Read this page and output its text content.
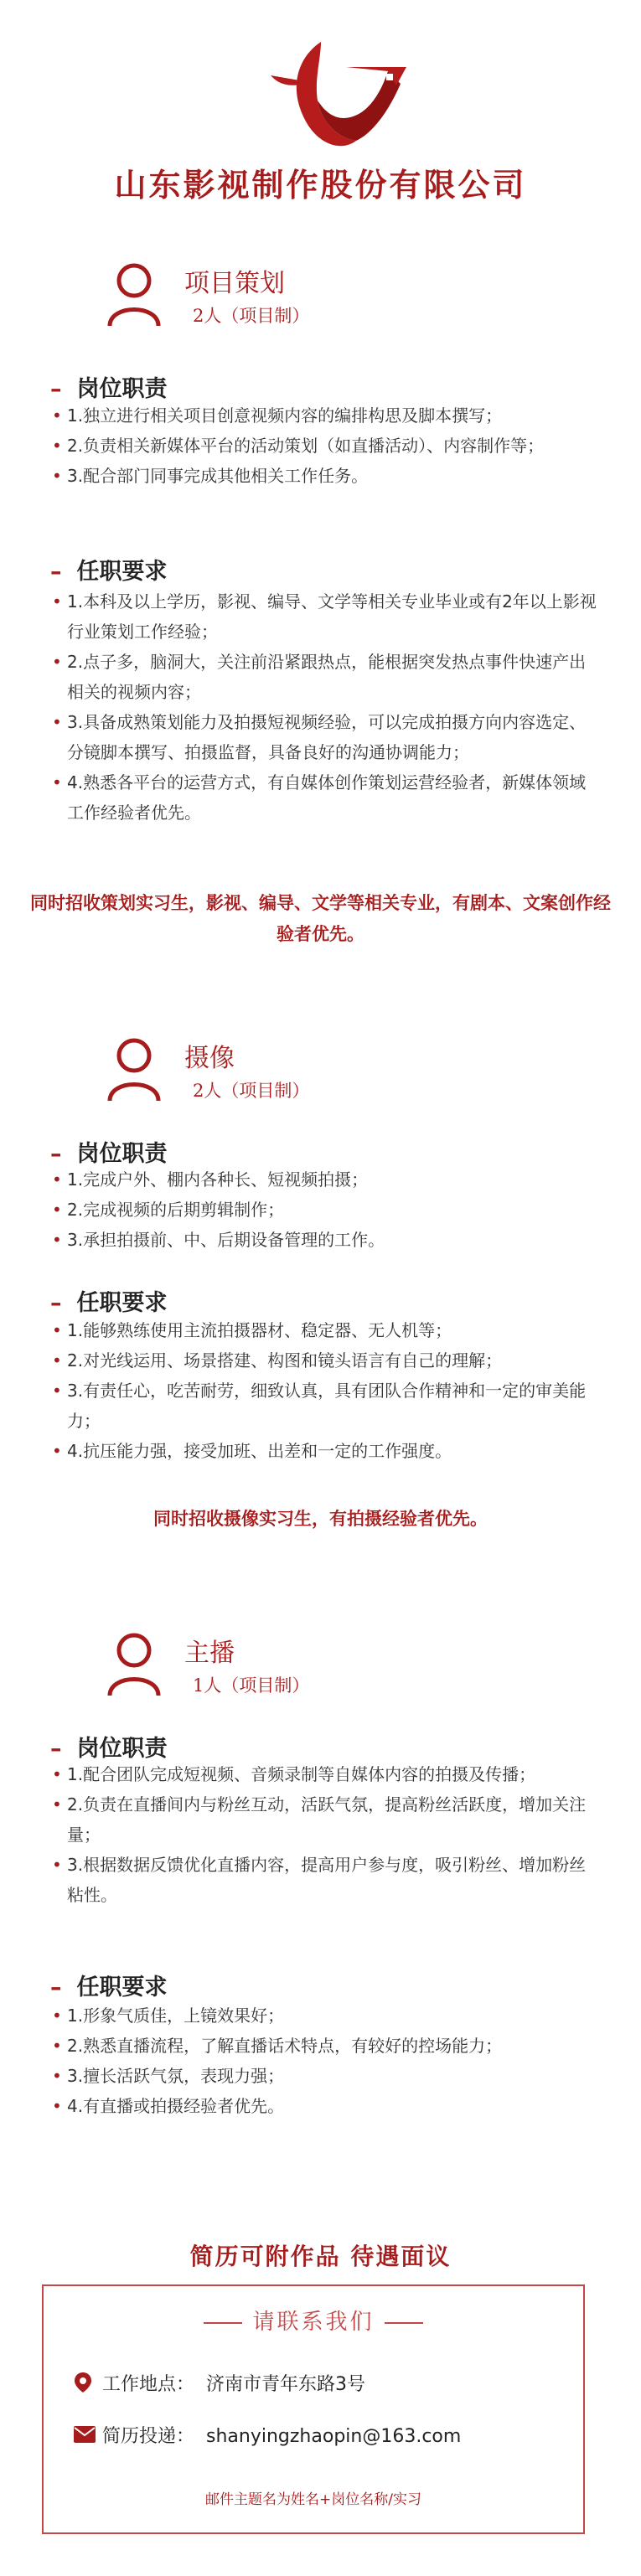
山东影视制作股份有限公司
项目策划
2人（项目制）
– 岗位职责
• 1.独立进行相关项目创意视频内容的编排构思及脚本撰写；
• 2.负责相关新媒体平台的活动策划（如直播活动）、内容制作等；
• 3.配合部门同事完成其他相关工作任务。
– 任职要求
• 1.本科及以上学历，影视、编导、文学等相关专业毕业或有2年以上影视行业策划工作经验；
• 2.点子多，脑洞大，关注前沿紧跟热点，能根据突发热点事件快速产出相关的视频内容；
• 3.具备成熟策划能力及拍摄短视频经验，可以完成拍摄方向内容选定、分镜脚本撰写、拍摄监督，具备良好的沟通协调能力；
• 4.熟悉各平台的运营方式，有自媒体创作策划运营经验者，新媒体领域工作经验者优先。
同时招收策划实习生，影视、编导、文学等相关专业，有剧本、文案创作经验者优先。
摄像
2人（项目制）
– 岗位职责
• 1.完成户外、棚内各种长、短视频拍摄；
• 2.完成视频的后期剪辑制作；
• 3.承担拍摄前、中、后期设备管理的工作。
– 任职要求
• 1.能够熟练使用主流拍摄器材、稳定器、无人机等；
• 2.对光线运用、场景搭建、构图和镜头语言有自己的理解；
• 3.有责任心，吃苦耐劳，细致认真，具有团队合作精神和一定的审美能力；
• 4.抗压能力强，接受加班、出差和一定的工作强度。
同时招收摄像实习生，有拍摄经验者优先。
主播
1人（项目制）
– 岗位职责
• 1.配合团队完成短视频、音频录制等自媒体内容的拍摄及传播；
• 2.负责在直播间内与粉丝互动，活跃气氛，提高粉丝活跃度，增加关注量；
• 3.根据数据反馈优化直播内容，提高用户参与度，吸引粉丝、增加粉丝粘性。
– 任职要求
• 1.形象气质佳，上镜效果好；
• 2.熟悉直播流程，了解直播话术特点，有较好的控场能力；
• 3.擅长活跃气氛，表现力强；
• 4.有直播或拍摄经验者优先。
简历可附作品 待遇面议
请联系我们
工作地点： 济南市青年东路3号
简历投递： shanyingzhaopin@163.com
邮件主题名为姓名+岗位名称/实习
